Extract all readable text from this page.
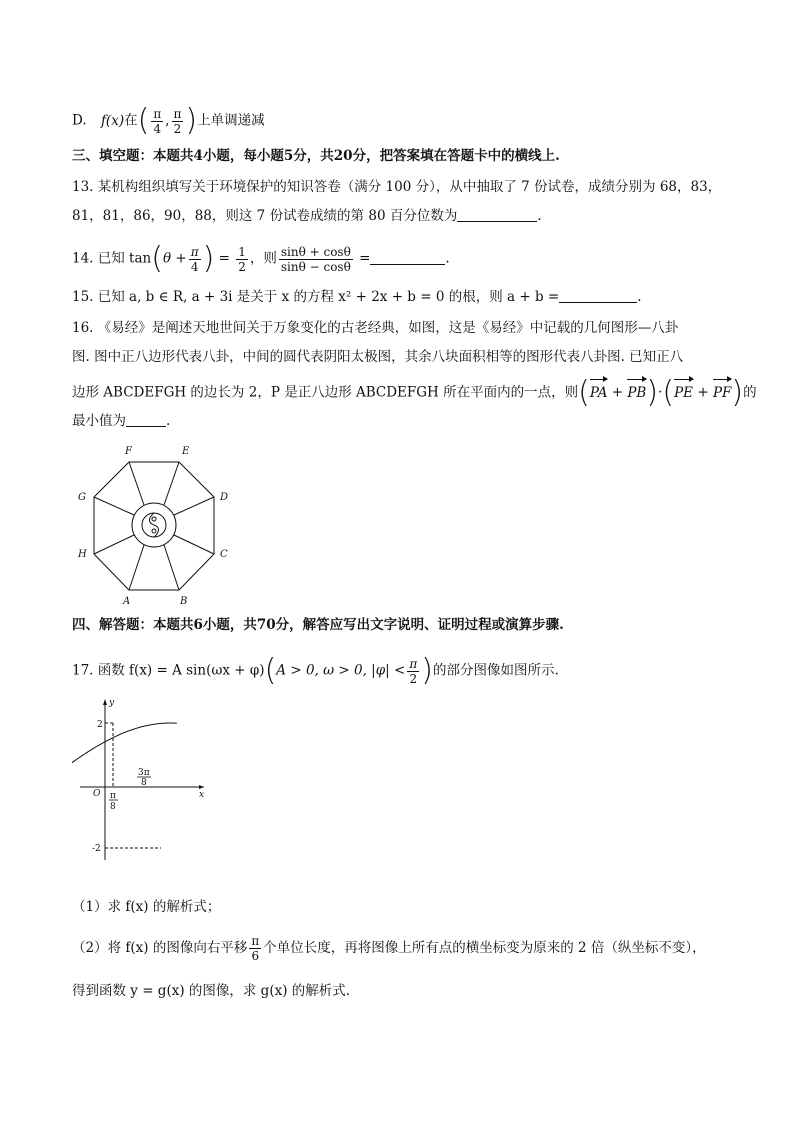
D. f(x)在( $\frac{\pi}{4}$ , $\frac{\pi}{2}$ )上单调递减
三、填空题：本题共4小题，每小题5分，共20分，把答案填在答题卡中的横线上.
13. 某机构组织填写关于环境保护的知识答卷（满分 100 分），从中抽取了 7 份试卷，成绩分别为 68，83，
81，81，86，90，88，则这 7 份试卷成绩的第 80 百分位数为	.
14. 已知 $\tan(\theta + \frac{\pi}{4}$ ) = $\frac{1}{2}$ ，则 $\frac{\sin\theta + \cos\theta}{\sin\theta - \cos\theta}$ =	.
15. 已知 a, b ∈ R, a + 3i 是关于 x 的方程 x² + 2x + b = 0 的根，则 a + b =	.
16. 《易经》是阐述天地世间关于万象变化的古老经典，如图，这是《易经》中记载的几何图形—八卦
图. 图中正八边形代表八卦，中间的圆代表阴阳太极图，其余八块面积相等的图形代表八卦图. 已知正八
边形 ABCDEFGH 的边长为 2，P 是正八边形 ABCDEFGH 所在平面内的一点，则(PA + PB)·(PE + PF)的
最小值为	.
F	E
G	D
H	C
A	B
四、解答题：本题共6小题，共70分，解答应写出文字说明、证明过程或演算步骤.
17. 函数 f(x) = A sin(ωx + φ)(A > 0, ω > 0, $|\varphi| < \frac{\pi}{2}$ )的部分图像如图所示.
y
x
O
2
-2
π
8
3π
8
（1）求 f(x) 的解析式；
（2）将 f(x) 的图像向右平移 $\frac{\pi}{6}$ 个单位长度，再将图像上所有点的横坐标变为原来的 2 倍（纵坐标不变），
得到函数 y = g(x) 的图像，求 g(x) 的解析式.
